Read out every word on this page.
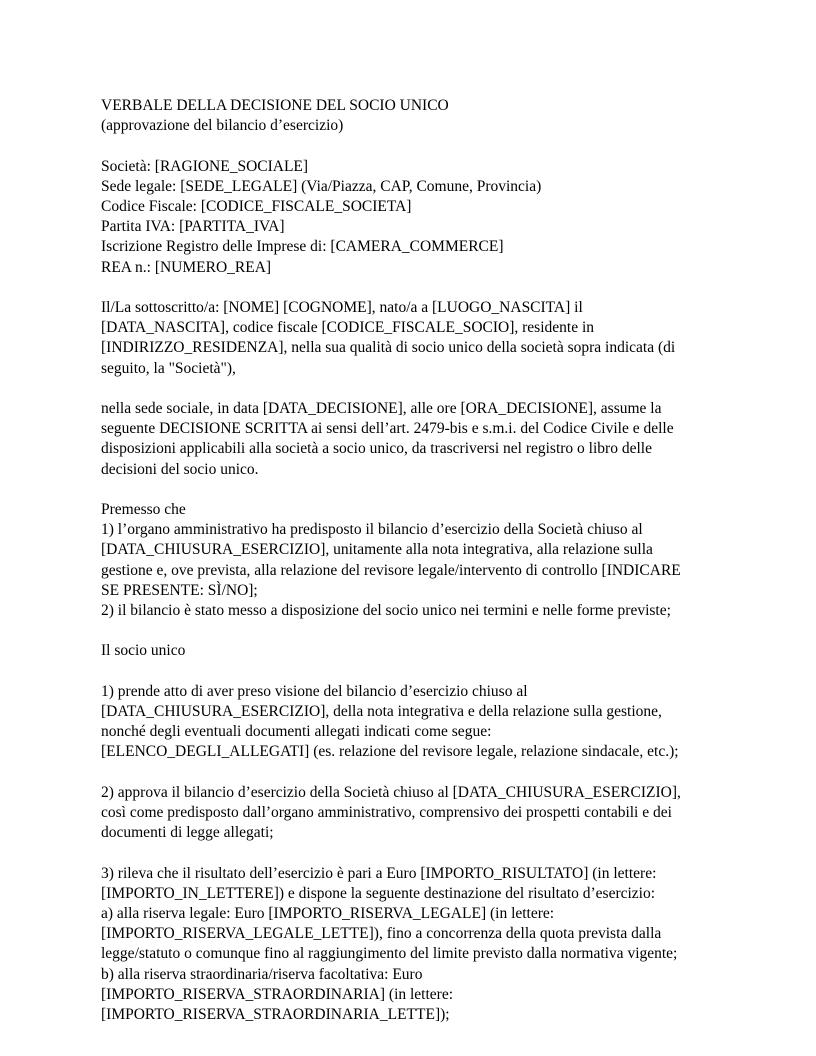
VERBALE DELLA DECISIONE DEL SOCIO UNICO
(approvazione del bilancio d’esercizio)
Società: [RAGIONE_SOCIALE]
Sede legale: [SEDE_LEGALE] (Via/Piazza, CAP, Comune, Provincia)
Codice Fiscale: [CODICE_FISCALE_SOCIETA]
Partita IVA: [PARTITA_IVA]
Iscrizione Registro delle Imprese di: [CAMERA_COMMERCE]
REA n.: [NUMERO_REA]
Il/La sottoscritto/a: [NOME] [COGNOME], nato/a a [LUOGO_NASCITA] il
[DATA_NASCITA], codice fiscale [CODICE_FISCALE_SOCIO], residente in
[INDIRIZZO_RESIDENZA], nella sua qualità di socio unico della società sopra indicata (di
seguito, la "Società"),
nella sede sociale, in data [DATA_DECISIONE], alle ore [ORA_DECISIONE], assume la
seguente DECISIONE SCRITTA ai sensi dell’art. 2479-bis e s.m.i. del Codice Civile e delle
disposizioni applicabili alla società a socio unico, da trascriversi nel registro o libro delle
decisioni del socio unico.
Premesso che
1) l’organo amministrativo ha predisposto il bilancio d’esercizio della Società chiuso al
[DATA_CHIUSURA_ESERCIZIO], unitamente alla nota integrativa, alla relazione sulla
gestione e, ove prevista, alla relazione del revisore legale/intervento di controllo [INDICARE
SE PRESENTE: SÌ/NO];
2) il bilancio è stato messo a disposizione del socio unico nei termini e nelle forme previste;
Il socio unico
1) prende atto di aver preso visione del bilancio d’esercizio chiuso al
[DATA_CHIUSURA_ESERCIZIO], della nota integrativa e della relazione sulla gestione,
nonché degli eventuali documenti allegati indicati come segue:
[ELENCO_DEGLI_ALLEGATI] (es. relazione del revisore legale, relazione sindacale, etc.);
2) approva il bilancio d’esercizio della Società chiuso al [DATA_CHIUSURA_ESERCIZIO],
così come predisposto dall’organo amministrativo, comprensivo dei prospetti contabili e dei
documenti di legge allegati;
3) rileva che il risultato dell’esercizio è pari a Euro [IMPORTO_RISULTATO] (in lettere:
[IMPORTO_IN_LETTERE]) e dispone la seguente destinazione del risultato d’esercizio:
a) alla riserva legale: Euro [IMPORTO_RISERVA_LEGALE] (in lettere:
[IMPORTO_RISERVA_LEGALE_LETTE]), fino a concorrenza della quota prevista dalla
legge/statuto o comunque fino al raggiungimento del limite previsto dalla normativa vigente;
b) alla riserva straordinaria/riserva facoltativa: Euro
[IMPORTO_RISERVA_STRAORDINARIA] (in lettere:
[IMPORTO_RISERVA_STRAORDINARIA_LETTE]);
